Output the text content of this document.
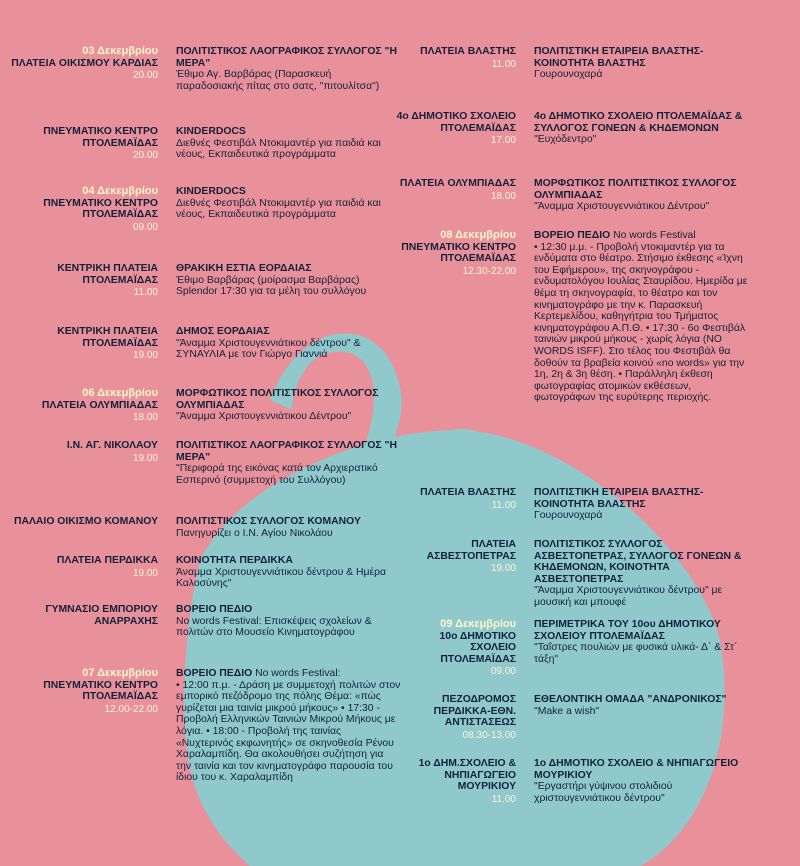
03 Δεκεμβρίου
ΠΛΑΤΕΙΑ ΟΙΚΙΣΜΟΥ ΚΑΡΔΙΑΣ
20.00
ΠΟΛΙΤΙΣΤΙΚΟΣ ΛΑΟΓΡΑΦΙΚΟΣ ΣΥΛΛΟΓΟΣ "Η ΜΕΡΑ"
Έθιμο Αγ. Βαρβάρας (Παρασκευή παραδοσιακής πίτας στο σατς, "πιτουλίτσα")
ΠΝΕΥΜΑΤΙΚΟ ΚΕΝΤΡΟ ΠΤΟΛΕΜΑΪΔΑΣ
20.00
KINDERDOCS
Διεθνές Φεστιβάλ Ντοκιμαντέρ για παιδιά και νέους, Εκπαιδευτικά προγράμματα
04 Δεκεμβρίου
ΠΝΕΥΜΑΤΙΚΟ ΚΕΝΤΡΟ ΠΤΟΛΕΜΑΪΔΑΣ
09.00
KINDERDOCS
Διεθνές Φεστιβάλ Ντοκιμαντέρ για παιδιά και νέους, Εκπαιδευτικά προγράμματα
ΚΕΝΤΡΙΚΗ ΠΛΑΤΕΙΑ ΠΤΟΛΕΜΑΪΔΑΣ
11.00
ΘΡΑΚΙΚΗ ΕΣΤΙΑ ΕΟΡΔΑΙΑΣ
Έθιμο Βαρβάρας (μοίρασμα Βαρβάρας) Splendor 17:30 για τα μέλη του συλλόγου
ΚΕΝΤΡΙΚΗ ΠΛΑΤΕΙΑ ΠΤΟΛΕΜΑΪΔΑΣ
19.00
ΔΗΜΟΣ ΕΟΡΔΑΙΑΣ
"Άναμμα Χριστουγεννιάτικου δέντρου" & ΣΥΝΑΥΛΙΑ με τον Γιώργο Γιαννιά
06 Δεκεμβρίου
ΠΛΑΤΕΙΑ ΟΛΥΜΠΙΑΔΑΣ
18.00
ΜΟΡΦΩΤΙΚΟΣ ΠΟΛΙΤΙΣΤΙΚΟΣ ΣΥΛΛΟΓΟΣ ΟΛΥΜΠΙΑΔΑΣ
"Άναμμα Χριστουγεννιάτικου Δέντρου"
Ι.Ν. ΑΓ. ΝΙΚΟΛΑΟΥ
19.00
ΠΟΛΙΤΙΣΤΙΚΟΣ ΛΑΟΓΡΑΦΙΚΟΣ ΣΥΛΛΟΓΟΣ "Η ΜΕΡΑ"
"Περιφορά της εικόνας κατά τον Αρχιερατικό Εσπερινό (συμμετοχή του Συλλόγου)
ΠΑΛΑΙΟ ΟΙΚΙΣΜΟ ΚΟΜΑΝΟΥ ΠΟΛΙΤΙΣΤΙΚΟΣ ΣΥΛΛΟΓΟΣ ΚΟΜΑΝΟΥ
Πανηγυρίζει ο Ι.Ν. Αγίου Νικολάου
ΠΛΑΤΕΙΑ ΠΕΡΔΙΚΚΑ
19.00
ΚΟΙΝΟΤΗΤΑ ΠΕΡΔΙΚΚΑ
Άναμμα Χριστουγεννιάτικου δέντρου & Ημέρα Καλοσύνης"
ΓΥΜΝΑΣΙΟ ΕΜΠΟΡΙΟΥ ΑΝΑΡΡΑΧΗΣ
ΒΟΡΕΙΟ ΠΕΔΙΟ
No words Festival: Επισκέψεις σχολείων & πολιτών στο Μουσείο Κινηματογράφου
07 Δεκεμβρίου
ΠΝΕΥΜΑΤΙΚΟ ΚΕΝΤΡΟ ΠΤΟΛΕΜΑΪΔΑΣ
12.00-22.00
ΒΟΡΕΙΟ ΠΕΔΙΟ No words Festival:
• 12:00 π.μ. - Δράση με συμμετοχή πολιτών στον εμπορικό πεζόδρομο της πόλης Θέμα: «πώς γυρίζεται μια ταινία μικρού μήκους» • 17:30 - Προβολή Ελληνικών Ταινιών Μικρού Μήκους με λόγια. • 18:00 - Προβολή της ταινίας «Νυχτερινός εκφωνητής» σε σκηνοθεσία Ρένου Χαραλαμπίδη. Θα ακολουθήσει συζήτηση για την ταινία και τον κινηματογράφο παρουσία του ίδιου του κ. Χαραλαμπίδη
ΠΛΑΤΕΙΑ ΒΛΑΣΤΗΣ
11.00
ΠΟΛΙΤΙΣΤΙΚΗ ΕΤΑΙΡΕΙΑ ΒΛΑΣΤΗΣ- ΚΟΙΝΟΤΗΤΑ ΒΛΑΣΤΗΣ
Γουρουνοχαρά
4ο ΔΗΜΟΤΙΚΟ ΣΧΟΛΕΙΟ ΠΤΟΛΕΜΑΪΔΑΣ
17.00
4ο ΔΗΜΟΤΙΚΟ ΣΧΟΛΕΙΟ ΠΤΟΛΕΜΑΪΔΑΣ & ΣΥΛΛΟΓΟΣ ΓΟΝΕΩΝ & ΚΗΔΕΜΟΝΩΝ
"Ευχόδεντρο"
ΠΛΑΤΕΙΑ ΟΛΥΜΠΙΑΔΑΣ
18.00
ΜΟΡΦΩΤΙΚΟΣ ΠΟΛΙΤΙΣΤΙΚΟΣ ΣΥΛΛΟΓΟΣ ΟΛΥΜΠΙΑΔΑΣ
"Άναμμα Χριστουγεννιάτικου Δέντρου"
08 Δεκεμβρίου
ΠΝΕΥΜΑΤΙΚΟ ΚΕΝΤΡΟ ΠΤΟΛΕΜΑΪΔΑΣ
12.30-22.00
ΒΟΡΕΙΟ ΠΕΔΙΟ No words Festival
• 12:30 μ.μ. - Προβολή ντοκιμαντέρ για τα ενδύματα στο θέατρο. Στήσιμο έκθεσης «Ίχνη του Εφήμερου», της σκηνογράφου - ενδυματολόγου Ιουλίας Σταυρίδου. Ημερίδα με θέμα τη σκηνογραφία, το θέατρο και τον κινηματογράφο με την κ. Παρασκευή Κερτεμελίδου, καθηγήτρια του Τμήματος κινηματογράφου Α.Π.Θ. • 17:30 - 6ο Φεστιβάλ ταινιών μικρού μήκους - χωρίς λόγια (NO WORDS ISFF). Στο τέλος του Φεστιβάλ θα δοθούν τα βραβεία κοινού «no words» για την 1η, 2η & 3η θέση. • Παράλληλη έκθεση φωτογραφίας ατομικών εκθέσεων, φωτογράφων της ευρύτερης περιοχής.
ΠΛΑΤΕΙΑ ΒΛΑΣΤΗΣ
11.00
ΠΟΛΙΤΙΣΤΙΚΗ ΕΤΑΙΡΕΙΑ ΒΛΑΣΤΗΣ- ΚΟΙΝΟΤΗΤΑ ΒΛΑΣΤΗΣ
Γουρουνοχαρά
ΠΛΑΤΕΙΑ ΑΣΒΕΣΤΟΠΕΤΡΑΣ
19.00
ΠΟΛΙΤΙΣΤΙΚΟΣ ΣΥΛΛΟΓΟΣ ΑΣΒΕΣΤΟΠΕΤΡΑΣ, ΣΥΛΛΟΓΟΣ ΓΟΝΕΩΝ & ΚΗΔΕΜΟΝΩΝ, ΚΟΙΝΟΤΗΤΑ ΑΣΒΕΣΤΟΠΕΤΡΑΣ
"Άναμμα Χριστουγεννιάτικου δέντρου" με μουσική και μπουφέ
09 Δεκεμβρίου
10ο ΔΗΜΟΤΙΚΟ ΣΧΟΛΕΙΟ ΠΤΟΛΕΜΑΪΔΑΣ
09.00
ΠΕΡΙΜΕΤΡΙΚΑ ΤΟΥ 10ου ΔΗΜΟΤΙΚΟΥ ΣΧΟΛΕΙΟΥ ΠΤΟΛΕΜΑΪΔΑΣ
"Ταΐστρες πουλιών με φυσικά υλικά- Δ΄ & Στ΄ τάξη"
ΠΕΖΟΔΡΟΜΟΣ ΠΕΡΔΙΚΚΑ-ΕΘΝ. ΑΝΤΙΣΤΑΣΕΩΣ
08.30-13.00
ΕΘΕΛΟΝΤΙΚΗ ΟΜΑΔΑ "ΑΝΔΡΟΝΙΚΟΣ"
"Make a wish"
1ο ΔΗΜ.ΣΧΟΛΕΙΟ & ΝΗΠΙΑΓΩΓΕΙΟ ΜΟΥΡΙΚΙΟΥ
11.00
1ο ΔΗΜΟΤΙΚΟ ΣΧΟΛΕΙΟ & ΝΗΠΙΑΓΩΓΕΙΟ ΜΟΥΡΙΚΙΟΥ
"Εργαστήρι γύψινου στολιδιού χριστουγεννιάτικου δέντρου"
